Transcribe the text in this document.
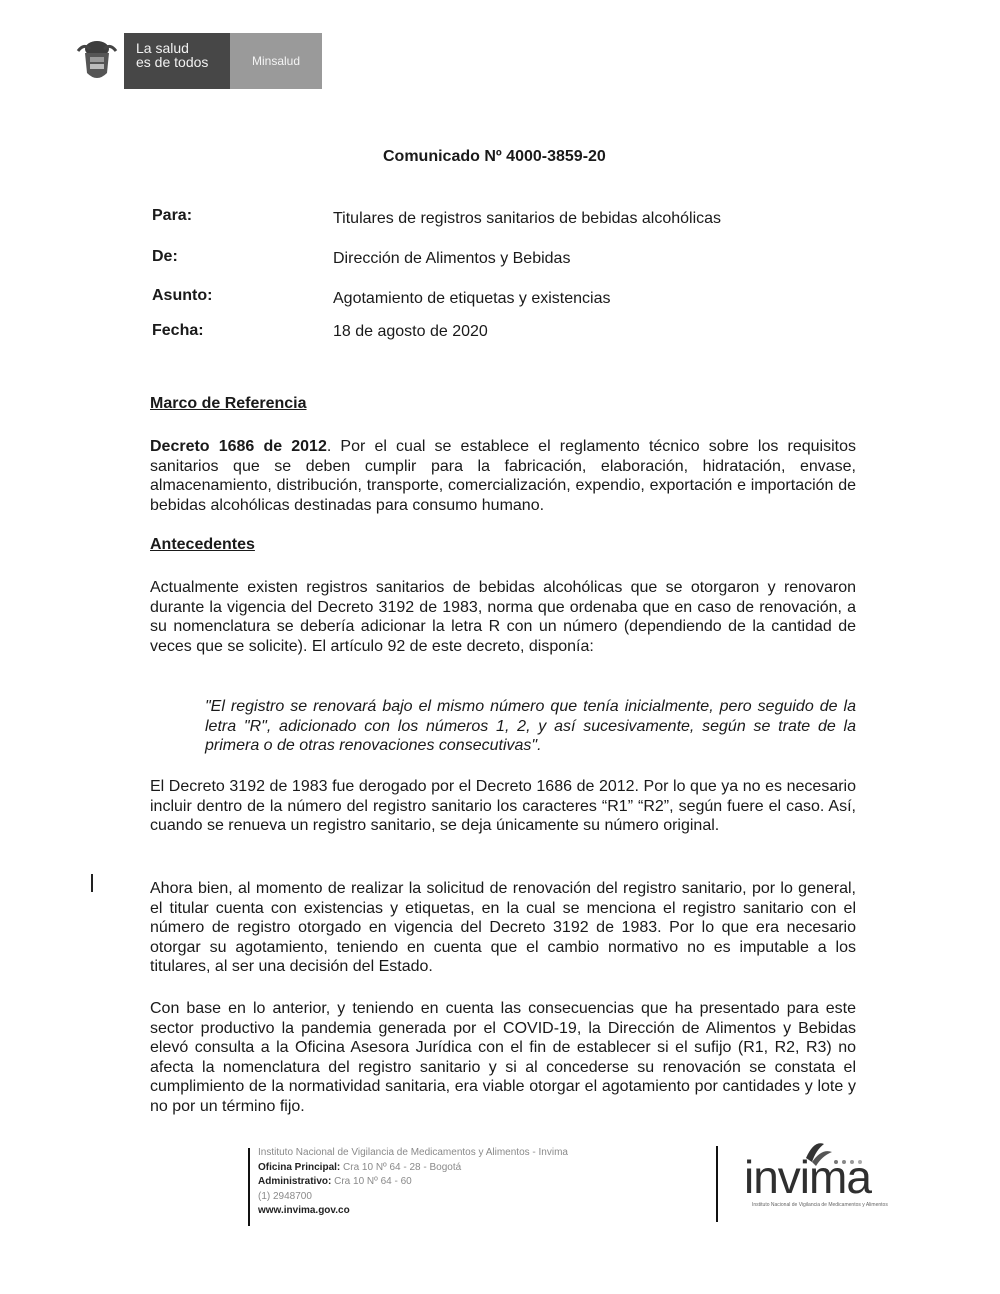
La salud
es de todos	Minsalud
Comunicado Nº 4000-3859-20
Para:	Titulares de registros sanitarios de bebidas alcohólicas
De:	Dirección de Alimentos y Bebidas
Asunto:	Agotamiento de etiquetas y existencias
Fecha:	18 de agosto de 2020
Marco de Referencia

Decreto 1686 de 2012. Por el cual se establece el reglamento técnico sobre los requisitos sanitarios que se deben cumplir para la fabricación, elaboración, hidratación, envase, almacenamiento, distribución, transporte, comercialización, expendio, exportación e importación de bebidas alcohólicas destinadas para consumo humano.

Antecedentes

Actualmente existen registros sanitarios de bebidas alcohólicas que se otorgaron y renovaron durante la vigencia del Decreto 3192 de 1983, norma que ordenaba que en caso de renovación, a su nomenclatura se debería adicionar la letra R con un número (dependiendo de la cantidad de veces que se solicite). El artículo 92 de este decreto, disponía:

"El registro se renovará bajo el mismo número que tenía inicialmente, pero seguido de la letra "R", adicionado con los números 1, 2, y así sucesivamente, según se trate de la primera o de otras renovaciones consecutivas".

El Decreto 3192 de 1983 fue derogado por el Decreto 1686 de 2012. Por lo que ya no es necesario incluir dentro de la número del registro sanitario los caracteres “R1” “R2”, según fuere el caso. Así, cuando se renueva un registro sanitario, se deja únicamente su número original.

Ahora bien, al momento de realizar la solicitud de renovación del registro sanitario, por lo general, el titular cuenta con existencias y etiquetas, en la cual se menciona el registro sanitario con el número de registro otorgado en vigencia del Decreto 3192 de 1983. Por lo que era necesario otorgar su agotamiento, teniendo en cuenta que el cambio normativo no es imputable a los titulares, al ser una decisión del Estado.

Con base en lo anterior, y teniendo en cuenta las consecuencias que ha presentado para este sector productivo la pandemia generada por el COVID-19, la Dirección de Alimentos y Bebidas elevó consulta a la Oficina Asesora Jurídica con el fin de establecer si el sufijo (R1, R2, R3) no afecta la nomenclatura del registro sanitario y si al concederse su renovación se constata el cumplimiento de la normatividad sanitaria, era viable otorgar el agotamiento por cantidades y lote y no por un término fijo.

Instituto Nacional de Vigilancia de Medicamentos y Alimentos - Invima
Oficina Principal: Cra 10 Nº 64 - 28 - Bogotá
Administrativo: Cra 10 Nº 64 - 60
(1) 2948700
www.invima.gov.co
invima
Instituto Nacional de Vigilancia de Medicamentos y Alimentos
